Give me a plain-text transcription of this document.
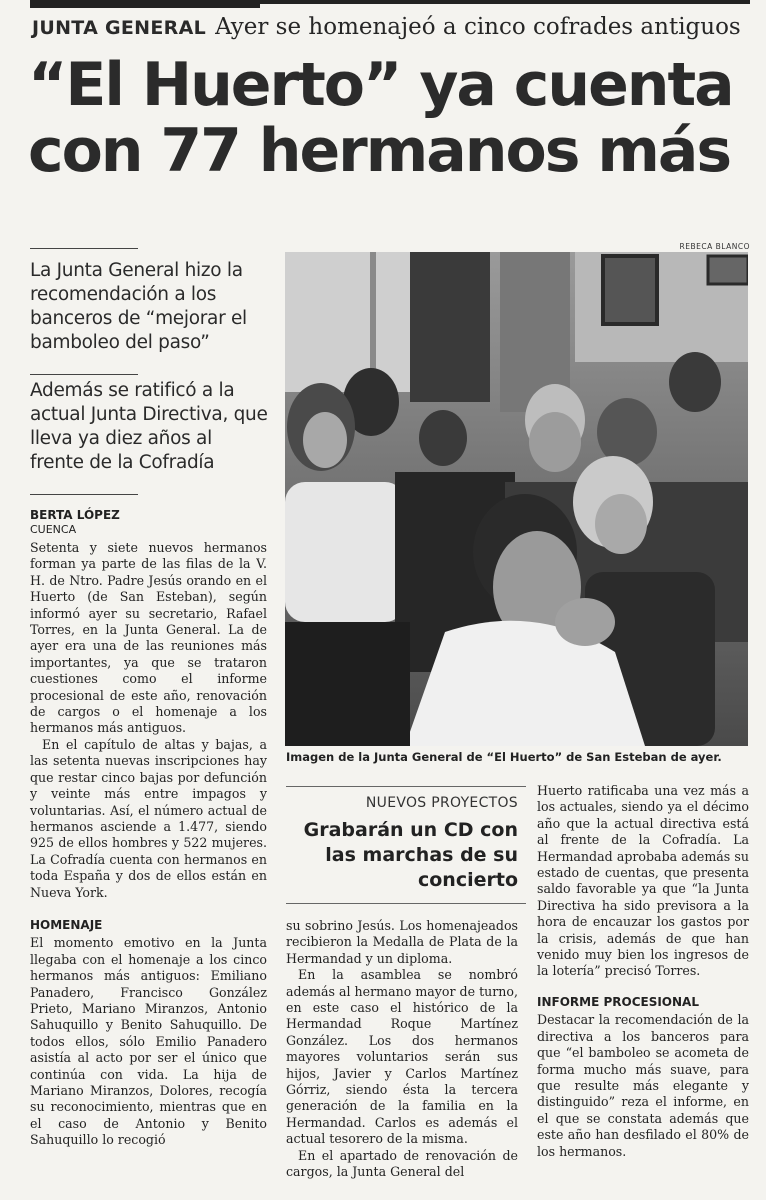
JUNTA GENERAL Ayer se homenajeó a cinco cofrades antiguos
“El Huerto” ya cuenta
con 77 hermanos más
La Junta General hizo la recomendación a los banceros de “mejorar el bamboleo del paso”
Además se ratificó a la actual Junta Directiva, que lleva ya diez años al frente de la Cofradía
BERTA LÓPEZ
CUENCA

Setenta y siete nuevos hermanos forman ya parte de las filas de la V. H. de Ntro. Padre Jesús orando en el Huerto (de San Esteban), según informó ayer su secretario, Rafael Torres, en la Junta General. La de ayer era una de las reuniones más importantes, ya que se trataron cuestiones como el informe procesional de este año, renovación de cargos o el homenaje a los hermanos más antiguos.

En el capítulo de altas y bajas, a las setenta nuevas inscripciones hay que restar cinco bajas por defunción y veinte más entre impagos y voluntarias. Así, el número actual de hermanos asciende a 1.477, siendo 925 de ellos hombres y 522 mujeres. La Cofradía cuenta con hermanos en toda España y dos de ellos están en Nueva York.

HOMENAJE

El momento emotivo en la Junta llegaba con el homenaje a los cinco hermanos más antiguos: Emiliano Panadero, Francisco González Prieto, Mariano Miranzos, Antonio Sahuquillo y Benito Sahuquillo. De todos ellos, sólo Emilio Panadero asistía al acto por ser el único que continúa con vida. La hija de Mariano Miranzos, Dolores, recogía su reconocimiento, mientras que en el caso de Antonio y Benito Sahuquillo lo recogió

REBECA BLANCO
Imagen de la Junta General de “El Huerto” de San Esteban de ayer.
NUEVOS PROYECTOS
Grabarán un CD con las marchas de su concierto

su sobrino Jesús. Los homenajeados recibieron la Medalla de Plata de la Hermandad y un diploma.

En la asamblea se nombró además al hermano mayor de turno, en este caso el histórico de la Hermandad Roque Martínez González. Los dos hermanos mayores voluntarios serán sus hijos, Javier y Carlos Martínez Górriz, siendo ésta la tercera generación de la familia en la Hermandad. Carlos es además el actual tesorero de la misma.

En el apartado de renovación de cargos, la Junta General del

Huerto ratificaba una vez más a los actuales, siendo ya el décimo año que la actual directiva está al frente de la Cofradía. La Hermandad aprobaba además su estado de cuentas, que presenta saldo favorable ya que “la Junta Directiva ha sido previsora a la hora de encauzar los gastos por la crisis, además de que han venido muy bien los ingresos de la lotería” precisó Torres.

INFORME PROCESIONAL

Destacar la recomendación de la directiva a los banceros para que “el bamboleo se acometa de forma mucho más suave, para que resulte más elegante y distinguido” reza el informe, en el que se constata además que este año han desfilado el 80% de los hermanos.
